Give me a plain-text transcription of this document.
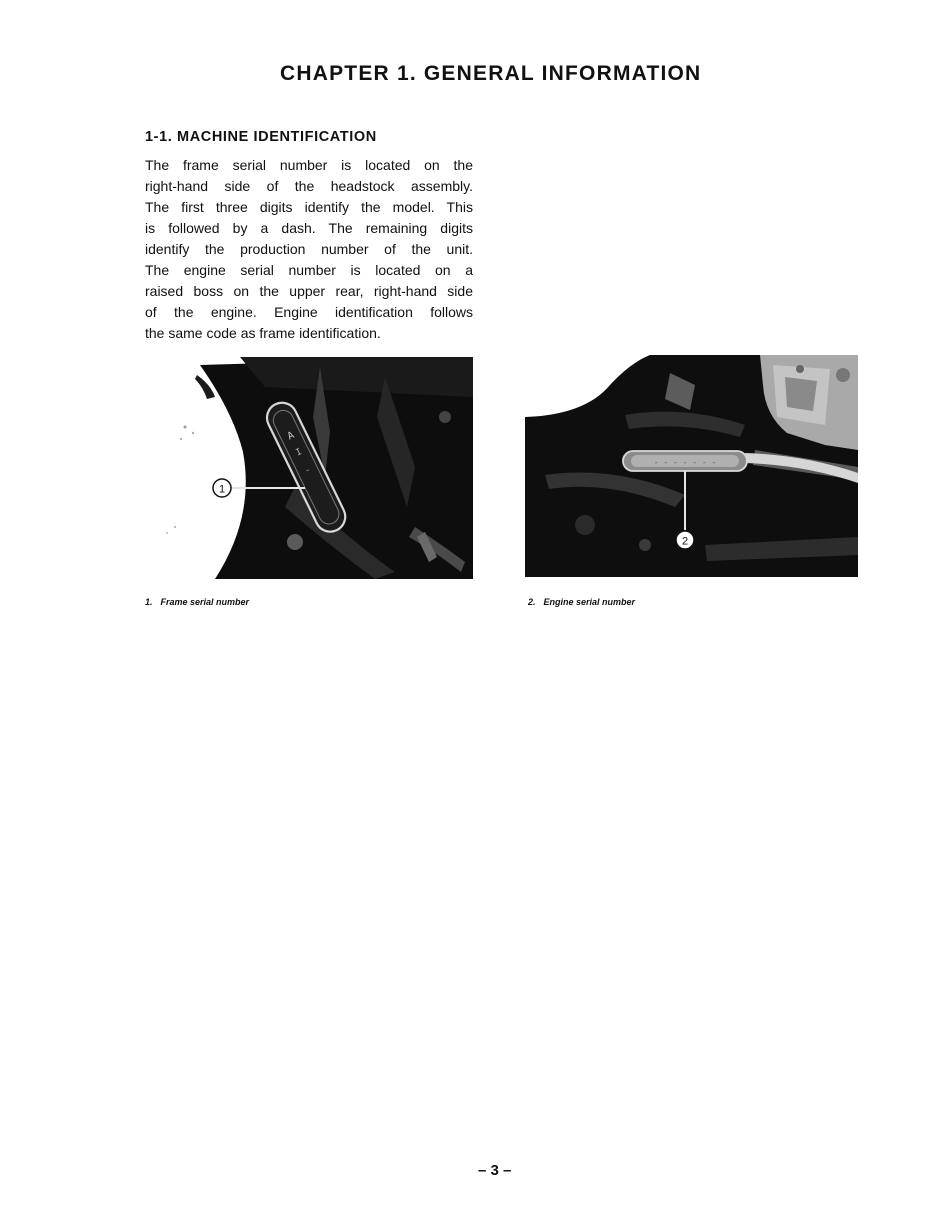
CHAPTER 1. GENERAL INFORMATION
1-1. MACHINE IDENTIFICATION

The frame serial number is located on the
right-hand side of the headstock assembly.
The first three digits identify the model. This
is followed by a dash. The remaining digits
identify the production number of the unit.
The engine serial number is located on a
raised boss on the upper rear, right-hand side
of the engine. Engine identification follows
the same code as frame identification.

A
I
-
1
- - - - - - -
2
1. Frame serial number	2. Engine serial number
– 3 –
